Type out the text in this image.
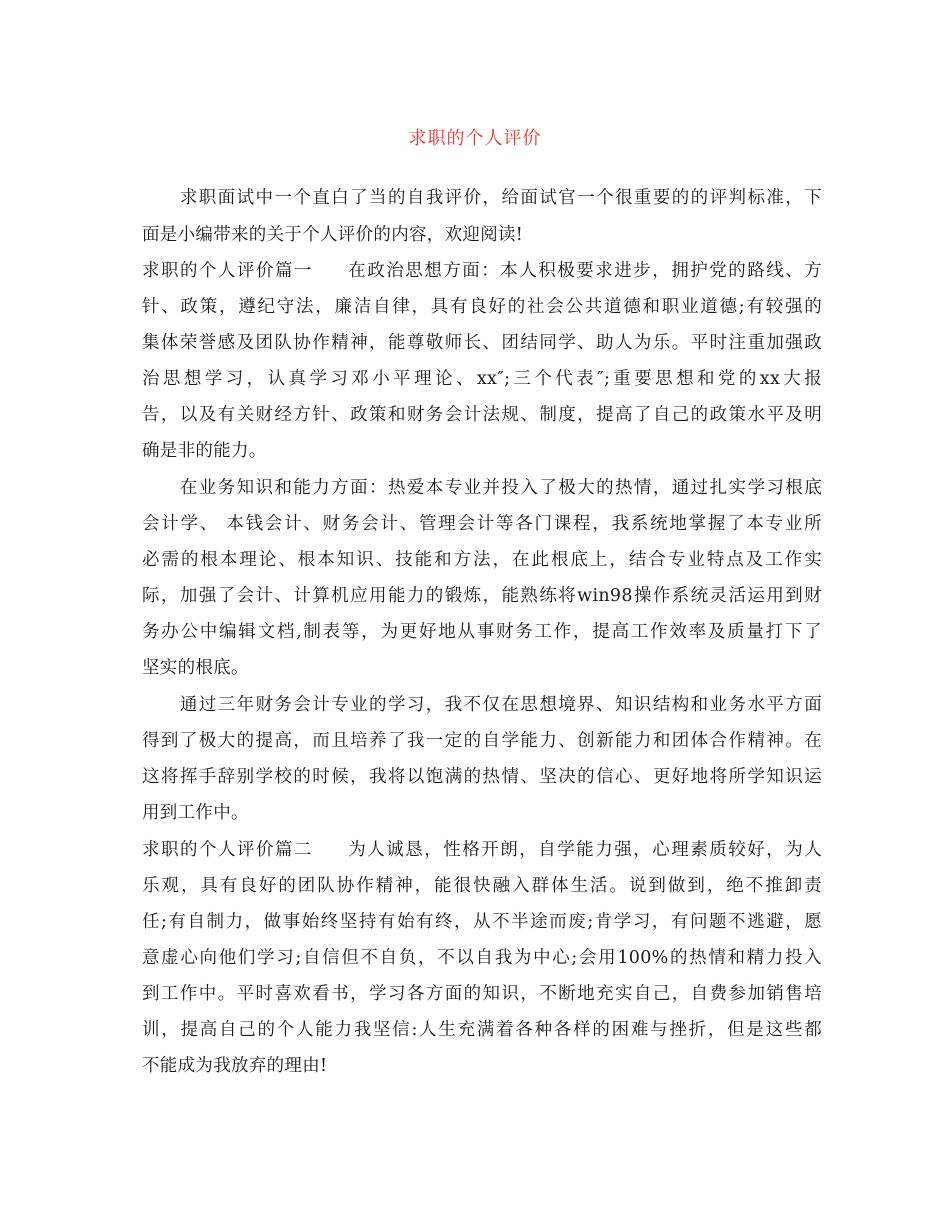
求职的个人评价
　　求职面试中一个直白了当的自我评价，给面试官一个很重要的的评判标准，下
面是小编带来的关于个人评价的内容，欢迎阅读!
求职的个人评价篇一 在政治思想方面：本人积极要求进步，拥护党的路线、方
针、政策，遵纪守法，廉洁自律，具有良好的社会公共道德和职业道德;有较强的
集体荣誉感及团队协作精神，能尊敬师长、团结同学、助人为乐。平时注重加强政
治思想学习，认真学习邓小平理论、xx″;三个代表″;重要思想和党的xx大报
告，以及有关财经方针、政策和财务会计法规、制度，提高了自己的政策水平及明
确是非的能力。
　　在业务知识和能力方面：热爱本专业并投入了极大的热情，通过扎实学习根底
会计学、 本钱会计、财务会计、管理会计等各门课程，我系统地掌握了本专业所
必需的根本理论、根本知识、技能和方法，在此根底上，结合专业特点及工作实
际，加强了会计、计算机应用能力的锻炼，能熟练将win98操作系统灵活运用到财
务办公中编辑文档,制表等，为更好地从事财务工作，提高工作效率及质量打下了
坚实的根底。
　　通过三年财务会计专业的学习，我不仅在思想境界、知识结构和业务水平方面
得到了极大的提高，而且培养了我一定的自学能力、创新能力和团体合作精神。在
这将挥手辞别学校的时候，我将以饱满的热情、坚决的信心、更好地将所学知识运
用到工作中。
求职的个人评价篇二 为人诚恳，性格开朗，自学能力强，心理素质较好，为人
乐观，具有良好的团队协作精神，能很快融入群体生活。说到做到，绝不推卸责
任;有自制力，做事始终坚持有始有终，从不半途而废;肯学习，有问题不逃避，愿
意虚心向他们学习;自信但不自负，不以自我为中心;会用100%的热情和精力投入
到工作中。平时喜欢看书，学习各方面的知识，不断地充实自己，自费参加销售培
训，提高自己的个人能力我坚信:人生充满着各种各样的困难与挫折，但是这些都
不能成为我放弃的理由!
